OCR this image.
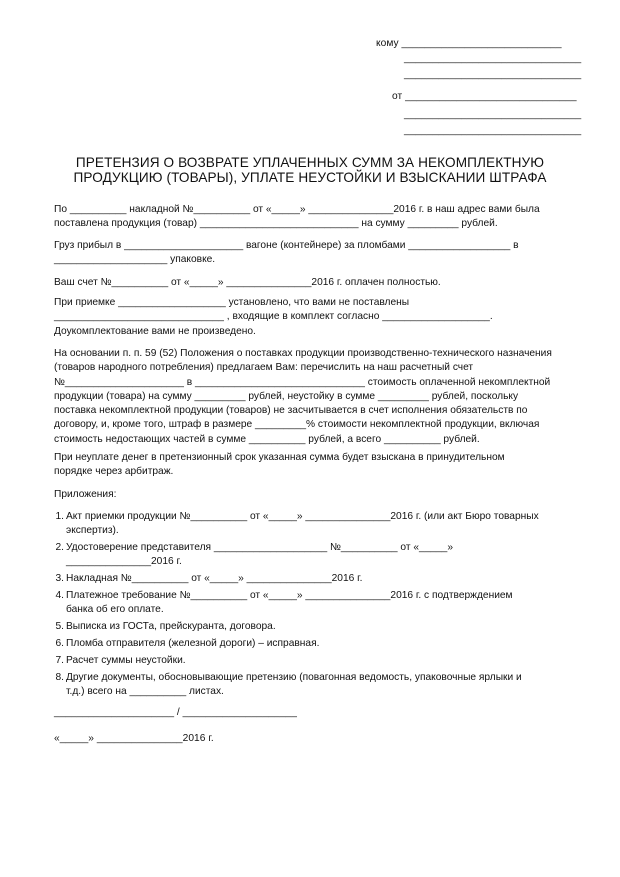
кому ____________________________
_______________________________
_______________________________
от ______________________________
_______________________________
_______________________________
ПРЕТЕНЗИЯ О ВОЗВРАТЕ УПЛАЧЕННЫХ СУММ ЗА НЕКОМПЛЕКТНУЮ
ПРОДУКЦИЮ (ТОВАРЫ), УПЛАТЕ НЕУСТОЙКИ И ВЗЫСКАНИИ ШТРАФА
По __________ накладной №__________ от «_____» _______________2016 г. в наш адрес вами была
поставлена продукция (товар) ____________________________ на сумму _________ рублей.
Груз прибыл в _____________________ вагоне (контейнере) за пломбами __________________ в
____________________ упаковке.
Ваш счет №__________ от «_____» _______________2016 г. оплачен полностью.
При приемке ___________________ установлено, что вами не поставлены
______________________________ , входящие в комплект согласно ___________________.
Доукомплектование вами не произведено.
На основании п. п. 59 (52) Положения о поставках продукции производственно-технического назначения
(товаров народного потребления) предлагаем Вам: перечислить на наш расчетный счет
№_____________________ в ______________________________ стоимость оплаченной некомплектной
продукции (товара) на сумму _________ рублей, неустойку в сумме _________ рублей, поскольку
поставка некомплектной продукции (товаров) не засчитывается в счет исполнения обязательств по
договору, и, кроме того, штраф в размере _________% стоимости некомплектной продукции, включая
стоимость недостающих частей в сумме __________ рублей, а всего __________ рублей.
При неуплате денег в претензионный срок указанная сумма будет взыскана в принудительном
порядке через арбитраж.
Приложения:
1. Акт приемки продукции №__________ от «_____» _______________2016 г. (или акт Бюро товарных
экспертиз).
2. Удостоверение представителя ____________________ №__________ от «_____»
_______________2016 г.
3. Накладная №__________ от «_____» _______________2016 г.
4. Платежное требование №__________ от «_____» _______________2016 г. с подтверждением
банка об его оплате.
5. Выписка из ГОСТа, прейскуранта, договора.
6. Пломба отправителя (железной дороги) – исправная.
7. Расчет суммы неустойки.
8. Другие документы, обосновывающие претензию (повагонная ведомость, упаковочные ярлыки и
т.д.) всего на __________ листах.
_____________________ / ____________________
«_____» _______________2016 г.
